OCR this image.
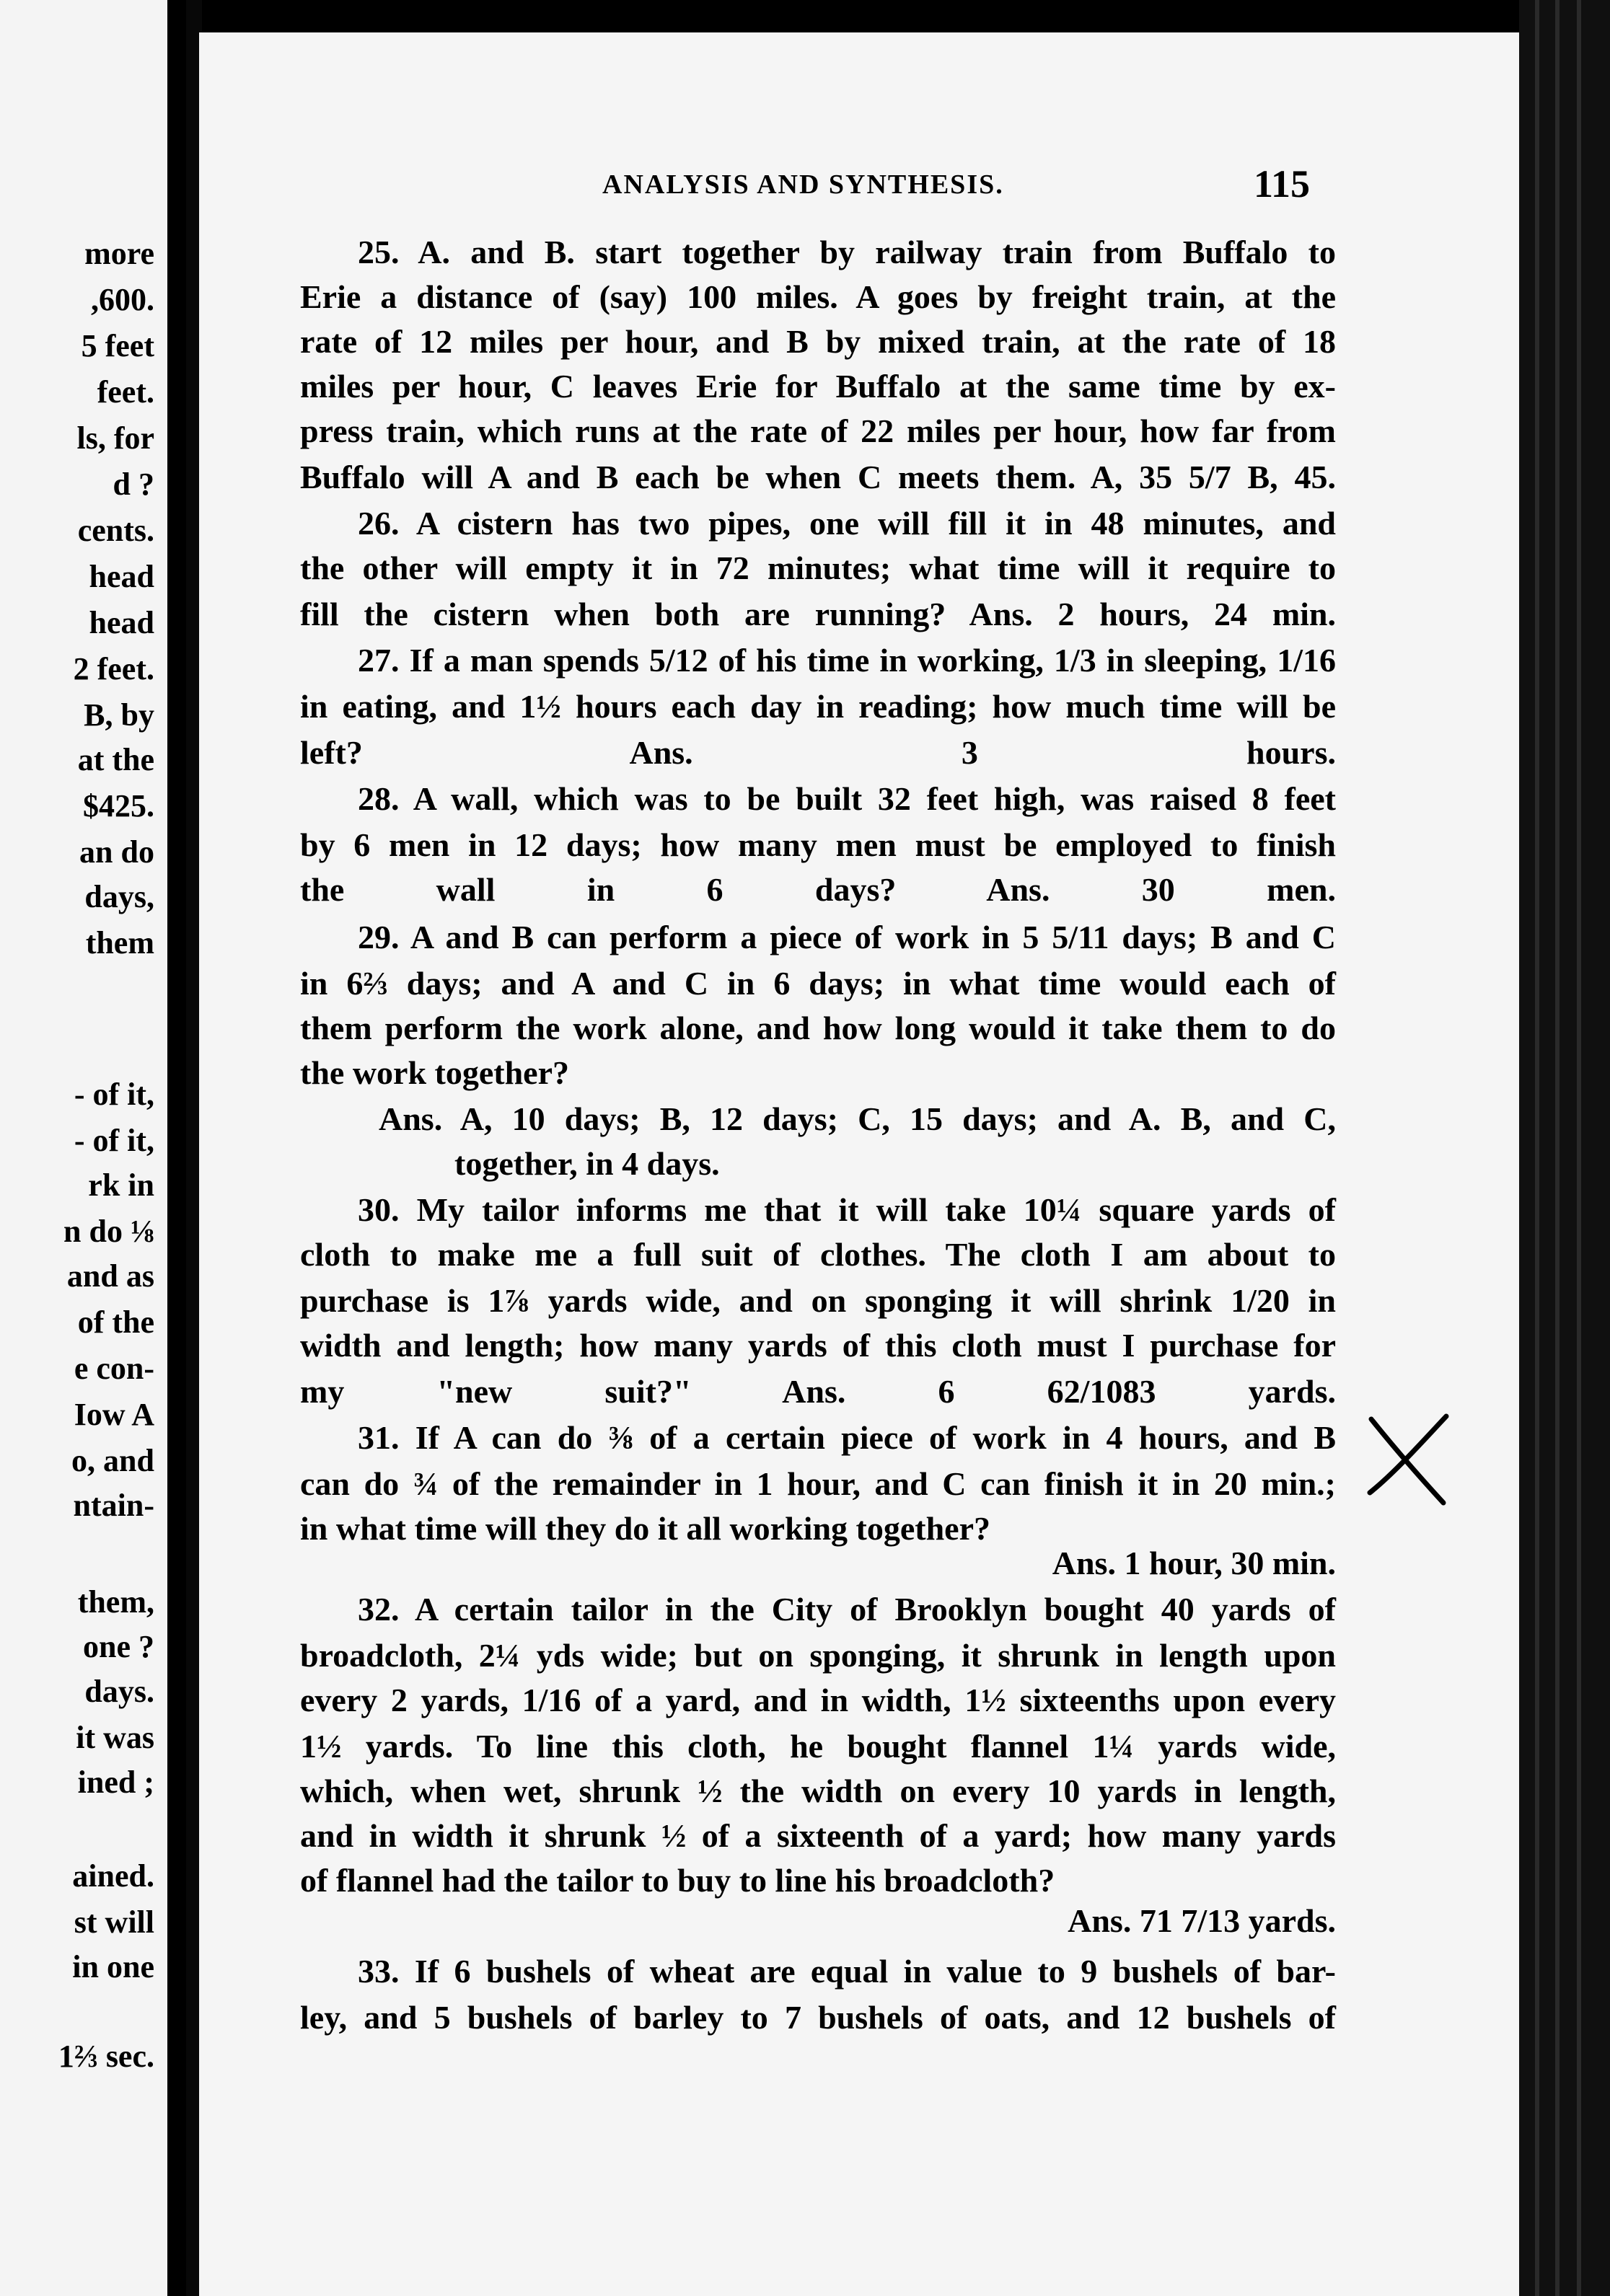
more
,600.
5 feet
feet.
ls, for
d ?
cents.
head
head
2 feet.
B, by
at the
$425.
an do
days,
them
- of it,
- of it,
rk in
n do ⅛
and as
of the
e con-
Iow A
o, and
ntain-
them,
one ?
days.
it was
ined ;
ained.
st will
in one
1⅔ sec.
ANALYSIS AND SYNTHESIS.	115
25. A. and B. start together by railway train from Buffalo to
Erie a distance of (say) 100 miles. A goes by freight train, at the
rate of 12 miles per hour, and B by mixed train, at the rate of 18
miles per hour, C leaves Erie for Buffalo at the same time by ex-
press train, which runs at the rate of 22 miles per hour, how far from
Buffalo will A and B each be when C meets them. A, 35 5/7 B, 45.
26. A cistern has two pipes, one will fill it in 48 minutes, and
the other will empty it in 72 minutes; what time will it require to
fill the cistern when both are running? Ans. 2 hours, 24 min.
27. If a man spends 5/12 of his time in working, 1/3 in sleeping, 1/16
in eating, and 1½ hours each day in reading; how much time will be
left? Ans. 3 hours.
28. A wall, which was to be built 32 feet high, was raised 8 feet
by 6 men in 12 days; how many men must be employed to finish
the wall in 6 days? Ans. 30 men.
29. A and B can perform a piece of work in 5 5/11 days; B and C
in 6⅔ days; and A and C in 6 days; in what time would each of
them perform the work alone, and how long would it take them to do
the work together?
Ans. A, 10 days; B, 12 days; C, 15 days; and A. B, and C,
together, in 4 days.
30. My tailor informs me that it will take 10¼ square yards of
cloth to make me a full suit of clothes. The cloth I am about to
purchase is 1⅞ yards wide, and on sponging it will shrink 1/20 in
width and length; how many yards of this cloth must I purchase for
my "new suit?" Ans. 6 62/1083 yards.
31. If A can do ⅜ of a certain piece of work in 4 hours, and B
can do ¾ of the remainder in 1 hour, and C can finish it in 20 min.;
in what time will they do it all working together?
Ans. 1 hour, 30 min.
32. A certain tailor in the City of Brooklyn bought 40 yards of
broadcloth, 2¼ yds wide; but on sponging, it shrunk in length upon
every 2 yards, 1/16 of a yard, and in width, 1½ sixteenths upon every
1½ yards. To line this cloth, he bought flannel 1¼ yards wide,
which, when wet, shrunk ½ the width on every 10 yards in length,
and in width it shrunk ½ of a sixteenth of a yard; how many yards
of flannel had the tailor to buy to line his broadcloth?
Ans. 71 7/13 yards.
33. If 6 bushels of wheat are equal in value to 9 bushels of bar-
ley, and 5 bushels of barley to 7 bushels of oats, and 12 bushels of
